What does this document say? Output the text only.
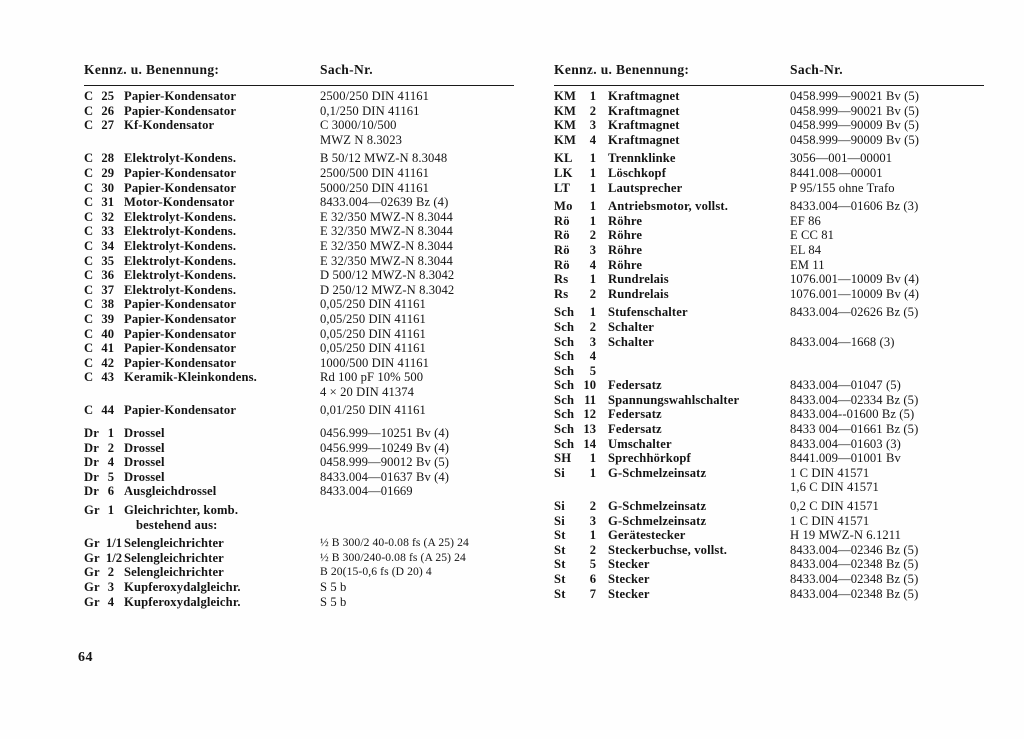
Kennz. u. Benennung:	Sach-Nr.
C 25 Papier-Kondensator	2500/250 DIN 41161
C 26 Papier-Kondensator	0,1/250 DIN 41161
C 27 Kf-Kondensator	C 3000/10/500
MWZ N 8.3023
C 28 Elektrolyt-Kondens.	B 50/12 MWZ-N 8.3048
C 29 Papier-Kondensator	2500/500 DIN 41161
C 30 Papier-Kondensator	5000/250 DIN 41161
C 31 Motor-Kondensator	8433.004—02639 Bz (4)
C 32 Elektrolyt-Kondens.	E 32/350 MWZ-N 8.3044
C 33 Elektrolyt-Kondens.	E 32/350 MWZ-N 8.3044
C 34 Elektrolyt-Kondens.	E 32/350 MWZ-N 8.3044
C 35 Elektrolyt-Kondens.	E 32/350 MWZ-N 8.3044
C 36 Elektrolyt-Kondens.	D 500/12 MWZ-N 8.3042
C 37 Elektrolyt-Kondens.	D 250/12 MWZ-N 8.3042
C 38 Papier-Kondensator	0,05/250 DIN 41161
C 39 Papier-Kondensator	0,05/250 DIN 41161
C 40 Papier-Kondensator	0,05/250 DIN 41161
C 41 Papier-Kondensator	0,05/250 DIN 41161
C 42 Papier-Kondensator	1000/500 DIN 41161
C 43 Keramik-Kleinkondens.	Rd 100 pF 10% 500
4 × 20 DIN 41374
C 44 Papier-Kondensator	0,01/250 DIN 41161
Dr 1 Drossel	0456.999—10251 Bv (4)
Dr 2 Drossel	0456.999—10249 Bv (4)
Dr 4 Drossel	0458.999—90012 Bv (5)
Dr 5 Drossel	8433.004—01637 Bv (4)
Dr 6 Ausgleichdrossel	8433.004—01669
Gr 1 Gleichrichter, komb.
bestehend aus:
Gr 1/1 Selengleichrichter	½ B 300/2 40-0.08 fs (A 25) 24
Gr 1/2 Selengleichrichter	½ B 300/240-0.08 fs (A 25) 24
Gr 2 Selengleichrichter	B 20(15-0,6 fs (D 20) 4
Gr 3 Kupferoxydalgleichr.	S 5 b
Gr 4 Kupferoxydalgleichr.	S 5 b
Kennz. u. Benennung:	Sach-Nr.
KM	1 Kraftmagnet	0458.999—90021 Bv (5)
KM	2 Kraftmagnet	0458.999—90021 Bv (5)
KM	3 Kraftmagnet	0458.999—90009 Bv (5)
KM	4 Kraftmagnet	0458.999—90009 Bv (5)
KL	1 Trennklinke	3056—001—00001
LK	1 Löschkopf	8441.008—00001
LT	1 Lautsprecher	P 95/155 ohne Trafo
Mo	1 Antriebsmotor, vollst.	8433.004—01606 Bz (3)
Rö	1 Röhre	EF 86
Rö	2 Röhre	E CC 81
Rö	3 Röhre	EL 84
Rö	4 Röhre	EM 11
Rs	1 Rundrelais	1076.001—10009 Bv (4)
Rs	2 Rundrelais	1076.001—10009 Bv (4)
Sch	1 Stufenschalter	8433.004—02626 Bz (5)
Sch	2 Schalter
Sch	3 Schalter	8433.004—1668 (3)
Sch	4
Sch	5
Sch 10 Federsatz	8433.004—01047 (5)
Sch 11 Spannungswahlschalter	8433.004—02334 Bz (5)
Sch 12 Federsatz	8433.004--01600 Bz (5)
Sch 13 Federsatz	8433 004—01661 Bz (5)
Sch 14 Umschalter	8433.004—01603 (3)
SH	1 Sprechhörkopf	8441.009—01001 Bv
Si	1 G-Schmelzeinsatz	1 C DIN 41571
1,6 C DIN 41571
Si	2 G-Schmelzeinsatz	0,2 C DIN 41571
Si	3 G-Schmelzeinsatz	1 C DIN 41571
St	1 Gerätestecker	H 19 MWZ-N 6.1211
St	2 Steckerbuchse, vollst.	8433.004—02346 Bz (5)
St	5 Stecker	8433.004—02348 Bz (5)
St	6 Stecker	8433.004—02348 Bz (5)
St	7 Stecker	8433.004—02348 Bz (5)
64
